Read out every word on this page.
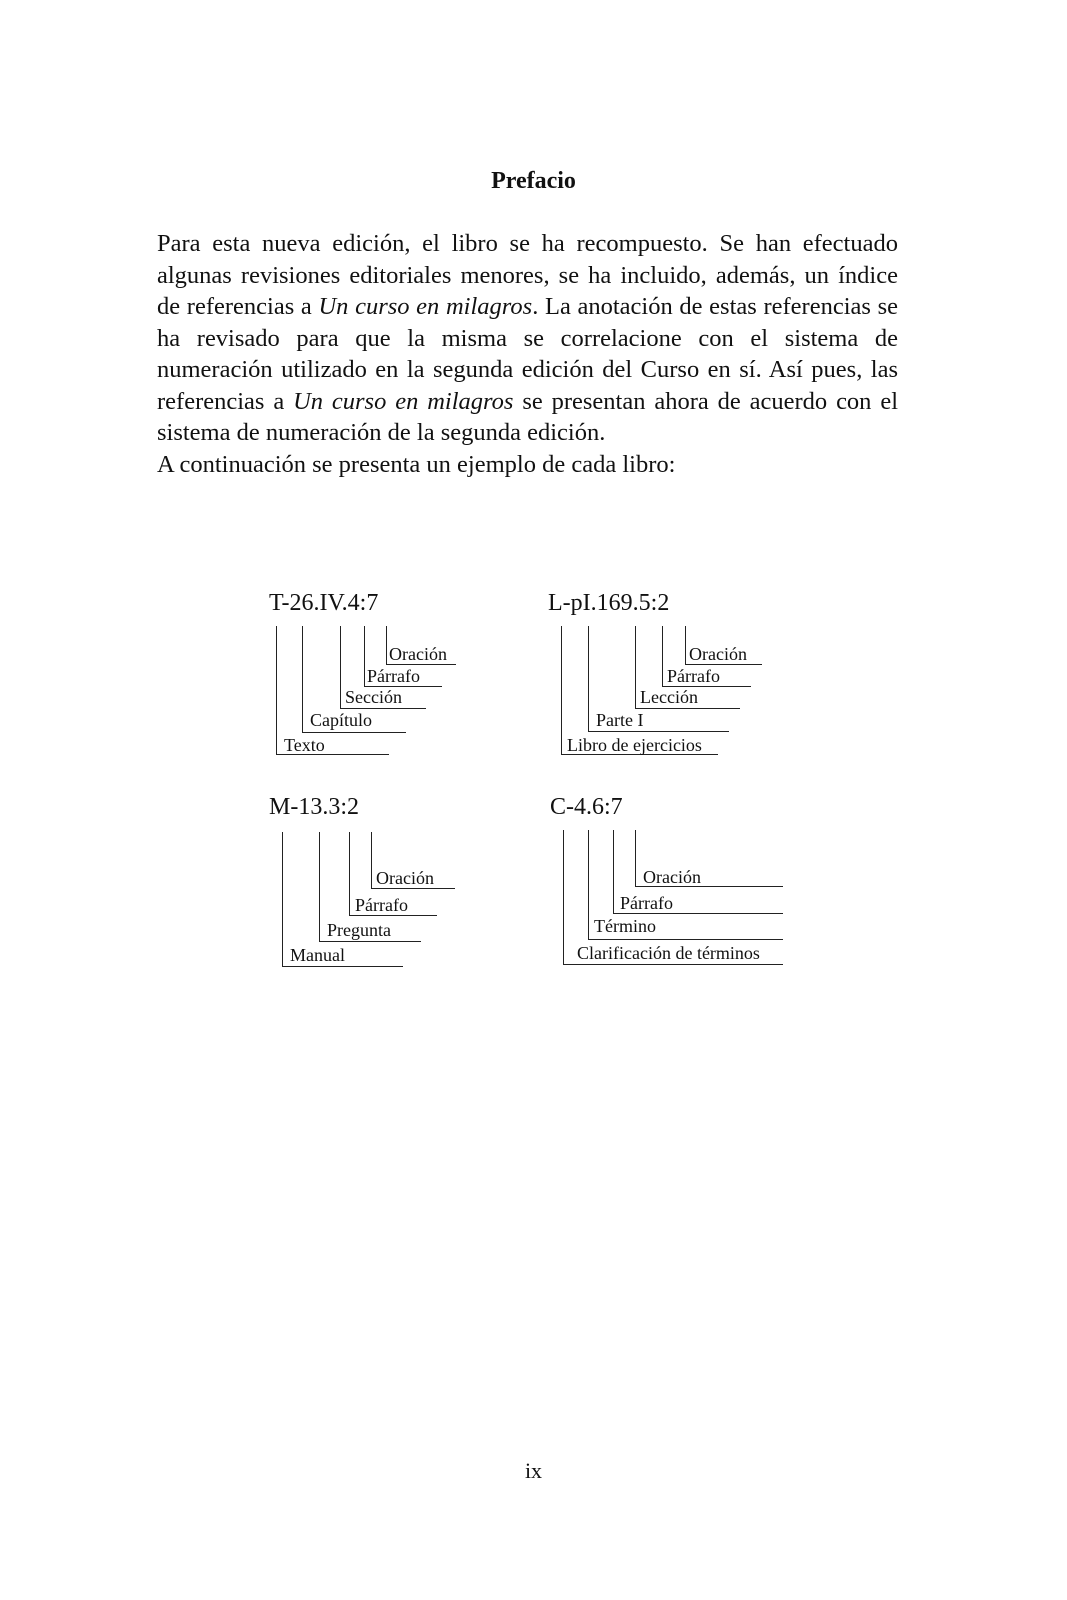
Prefacio

Para esta nueva edición, el libro se ha recompuesto. Se han efectuado algunas revisiones editoriales menores, se ha incluido, además, un índice de referencias a Un curso en milagros. La anotación de estas referencias se ha revisado para que la misma se correlacione con el sistema de numeración utilizado en la segunda edición del Curso en sí. Así pues, las referencias a Un curso en milagros se presentan ahora de acuerdo con el sistema de numeración de la segunda edición.
A continuación se presenta un ejemplo de cada libro:

T-26.IV.4:7
Oración
Párrafo
Sección
Capítulo
Texto
L-pI.169.5:2
Oración
Párrafo
Lección
Parte I
Libro de ejercicios
M-13.3:2
Oración
Párrafo
Pregunta
Manual
C-4.6:7
Oración
Párrafo
Término
Clarificación de términos
ix
